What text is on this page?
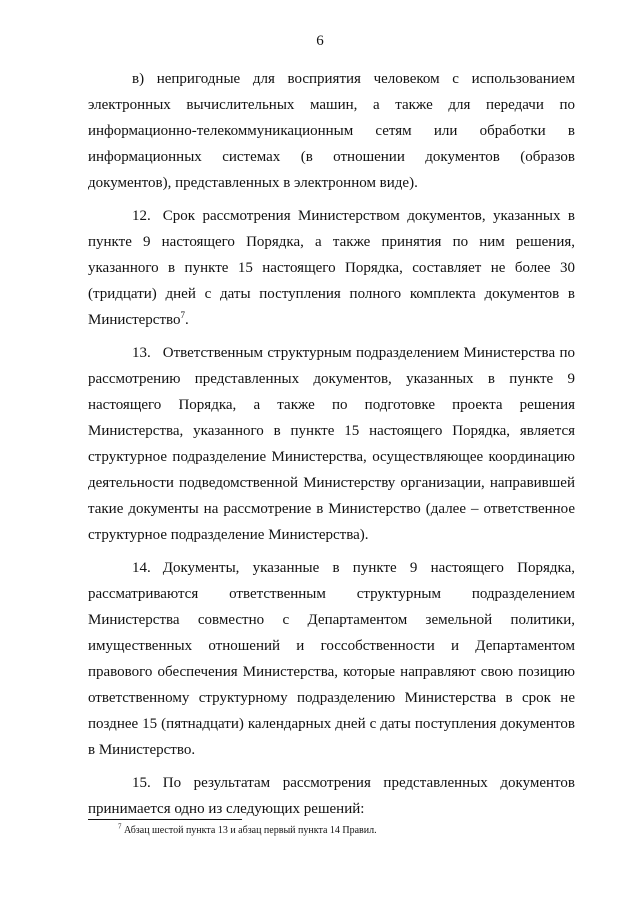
6

в) непригодные для восприятия человеком с использованием электронных вычислительных машин, а также для передачи по информационно-телекоммуникационным сетям или обработки в информационных системах (в отношении документов (образов документов), представленных в электронном виде).

12. Срок рассмотрения Министерством документов, указанных в пункте 9 настоящего Порядка, а также принятия по ним решения, указанного в пункте 15 настоящего Порядка, составляет не более 30 (тридцати) дней с даты поступления полного комплекта документов в Министерство$^7$.

13. Ответственным структурным подразделением Министерства по рассмотрению представленных документов, указанных в пункте 9 настоящего Порядка, а также по подготовке проекта решения Министерства, указанного в пункте 15 настоящего Порядка, является структурное подразделение Министерства, осуществляющее координацию деятельности подведомственной Министерству организации, направившей такие документы на рассмотрение в Министерство (далее – ответственное структурное подразделение Министерства).

14. Документы, указанные в пункте 9 настоящего Порядка, рассматриваются ответственным структурным подразделением Министерства совместно с Департаментом земельной политики, имущественных отношений и госсобственности и Департаментом правового обеспечения Министерства, которые направляют свою позицию ответственному структурному подразделению Министерства в срок не позднее 15 (пятнадцати) календарных дней с даты поступления документов в Министерство.

15. По результатам рассмотрения представленных документов принимается одно из следующих решений:

$^7$ Абзац шестой пункта 13 и абзац первый пункта 14 Правил.
